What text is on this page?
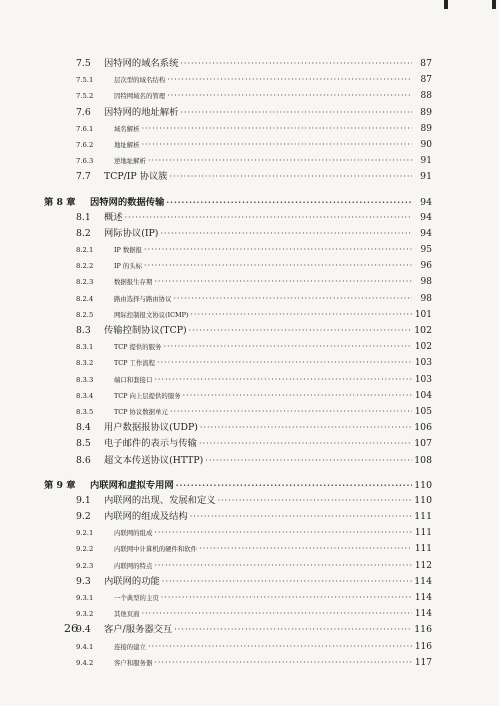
7.5	因特网的域名系统 ·····	87
7.5.1	层次型的域名结构 ·····	87
7.5.2	因特网域名的管理 ·····	88
7.6	因特网的地址解析 ·····	89
7.6.1	域名解析 ·····	89
7.6.2	地址解析 ·····	90
7.6.3	逆地址解析 ·····	91
7.7	TCP/IP 协议簇 ·····	91
第 8 章	因特网的数据传输 ·····	94
8.1	概述 ·····	94
8.2	网际协议(IP) ·····	94
8.2.1	IP 数据报 ·····	95
8.2.2	IP 的头标 ·····	96
8.2.3	数据报生存期 ·····	98
8.2.4	路由选择与路由协议 ·····	98
8.2.5	网际控制报文协议(ICMP) ·····	101
8.3	传输控制协议(TCP) ·····	102
8.3.1	TCP 提供的服务 ·····	102
8.3.2	TCP 工作流程 ·····	103
8.3.3	端口和套接口 ·····	103
8.3.4	TCP 向上层提供的服务 ·····	104
8.3.5	TCP 协议数据单元 ·····	105
8.4	用户数据报协议(UDP) ·····	106
8.5	电子邮件的表示与传输 ·····	107
8.6	超文本传送协议(HTTP) ·····	108
第 9 章	内联网和虚拟专用网 ·····	110
9.1	内联网的出现、发展和定义 ·····	110
9.2	内联网的组成及结构 ·····	111
9.2.1	内联网的组成 ·····	111
9.2.2	内联网中计算机的硬件和软件 ·····	111
9.2.3	内联网的特点 ·····	112
9.3	内联网的功能 ·····	114
9.3.1	一个典型的主页 ·····	114
9.3.2	其他页面 ·····	114
9.4	客户/服务器交互 ·····	116
9.4.1	连接的建立 ·····	116
9.4.2	客户和服务器 ·····	117
26
